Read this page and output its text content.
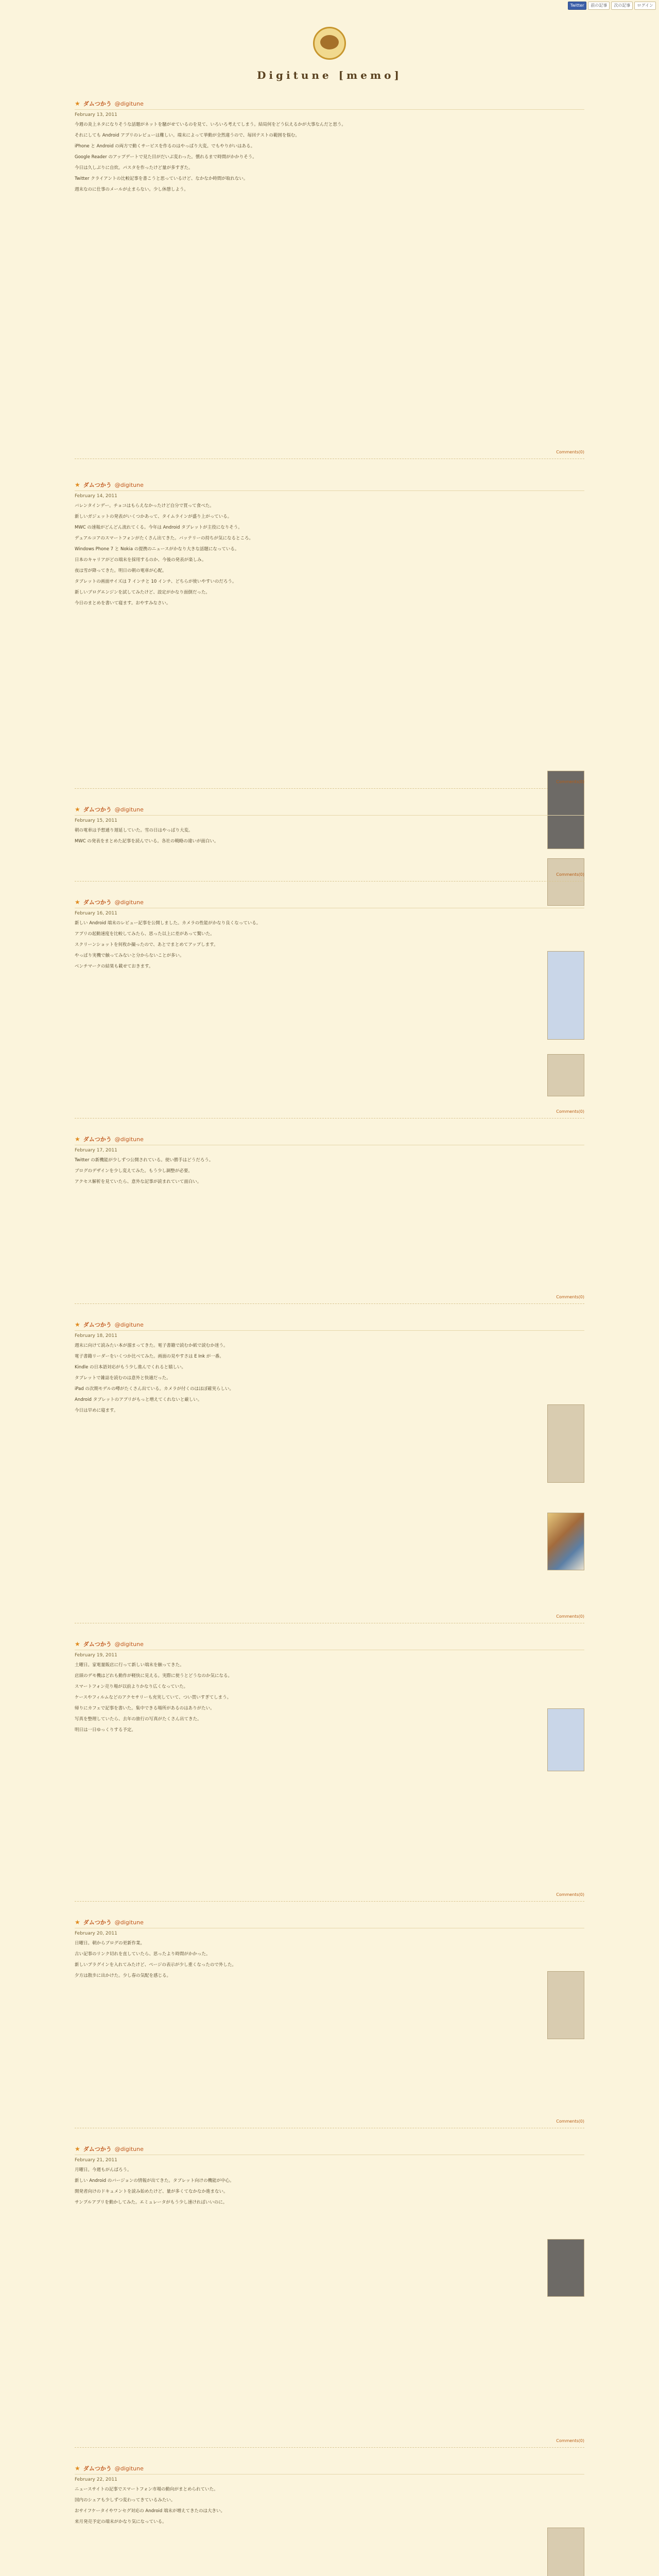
Twitter	前の記事	次の記事	ログイン
Digitune [memo]
★ ダムつかう @digitune
February 13, 2011

今週の炎上ネタになりそうな話題がネットを騒がせているのを見て、いろいろ考えてしまう。結局何をどう伝えるかが大事なんだと思う。

それにしても Android アプリのレビューは難しい。端末によって挙動が全然違うので、毎回テストの範囲を悩む。

iPhone と Android の両方で動くサービスを作るのはやっぱり大変。でもやりがいはある。

Google Reader のアップデートで見た目がだいぶ変わった。慣れるまで時間がかかりそう。

今日は久しぶりに自炊。パスタを作ったけど量が多すぎた。

Twitter クライアントの比較記事を書こうと思っているけど、なかなか時間が取れない。

週末なのに仕事のメールが止まらない。少し休憩しよう。

Comments(0)
★ ダムつかう @digitune
February 14, 2011

バレンタインデー。チョコはもらえなかったけど自分で買って食べた。

新しいガジェットの発表がいくつかあって、タイムラインが盛り上がっている。

MWC の速報がどんどん流れてくる。今年は Android タブレットが主役になりそう。

デュアルコアのスマートフォンがたくさん出てきた。バッテリーの持ちが気になるところ。

Windows Phone 7 と Nokia の提携のニュースがかなり大きな話題になっている。

日本のキャリアがどの端末を採用するのか、今後の発表が楽しみ。

夜は雪が降ってきた。明日の朝の電車が心配。

タブレットの画面サイズは 7 インチと 10 インチ、どちらが使いやすいのだろう。

新しいブログエンジンを試してみたけど、設定がかなり面倒だった。

今日のまとめを書いて寝ます。おやすみなさい。

Comments(0)
★ ダムつかう @digitune
February 15, 2011

朝の電車は予想通り遅延していた。雪の日はやっぱり大変。

MWC の発表をまとめた記事を読んでいる。各社の戦略の違いが面白い。

Comments(0)
★ ダムつかう @digitune
February 16, 2011

新しい Android 端末のレビュー記事を公開しました。カメラの性能がかなり良くなっている。

アプリの起動速度を比較してみたら、思った以上に差があって驚いた。

スクリーンショットを何枚か撮ったので、あとでまとめてアップします。

やっぱり実機で触ってみないと分からないことが多い。

ベンチマークの結果も載せておきます。

Comments(0)
★ ダムつかう @digitune
February 17, 2011

Twitter の新機能が少しずつ公開されている。使い勝手はどうだろう。

ブログのデザインを少し変えてみた。もう少し調整が必要。

アクセス解析を見ていたら、意外な記事が読まれていて面白い。

Comments(0)
★ ダムつかう @digitune
February 18, 2011

週末に向けて読みたい本が溜まってきた。電子書籍で読むか紙で読むか迷う。

電子書籍リーダーをいくつか比べてみた。画面の見やすさは E Ink が一番。

Kindle の日本語対応がもう少し進んでくれると嬉しい。

タブレットで雑誌を読むのは意外と快適だった。

iPad の次期モデルの噂がたくさん出ている。カメラが付くのはほぼ確実らしい。

Android タブレットのアプリがもっと増えてくれないと厳しい。

今日は早めに寝ます。

Comments(0)
★ ダムつかう @digitune
February 19, 2011

土曜日。家電量販店に行って新しい端末を触ってきた。

店頭のデモ機はどれも動作が軽快に見える。実際に使うとどうなのか気になる。

スマートフォン売り場が以前よりかなり広くなっていた。

ケースやフィルムなどのアクセサリーも充実していて、つい買いすぎてしまう。

帰りにカフェで記事を書いた。集中できる場所があるのはありがたい。

写真を整理していたら、去年の旅行の写真がたくさん出てきた。

明日は一日ゆっくりする予定。

Comments(0)
★ ダムつかう @digitune
February 20, 2011

日曜日。朝からブログの更新作業。

古い記事のリンク切れを直していたら、思ったより時間がかかった。

新しいプラグインを入れてみたけど、ページの表示が少し重くなったので外した。

夕方は散歩に出かけた。少し春の気配を感じる。

Comments(0)
★ ダムつかう @digitune
February 21, 2011

月曜日。今週もがんばろう。

新しい Android のバージョンの情報が出てきた。タブレット向けの機能が中心。

開発者向けのドキュメントを読み始めたけど、量が多くてなかなか進まない。

サンプルアプリを動かしてみた。エミュレータがもう少し速ければいいのに。

Comments(0)
★ ダムつかう @digitune
February 22, 2011

ニュースサイトの記事でスマートフォン市場の動向がまとめられていた。

国内のシェアも少しずつ変わってきているみたい。

おサイフケータイやワンセグ対応の Android 端末が増えてきたのは大きい。

来月発売予定の端末がかなり気になっている。
